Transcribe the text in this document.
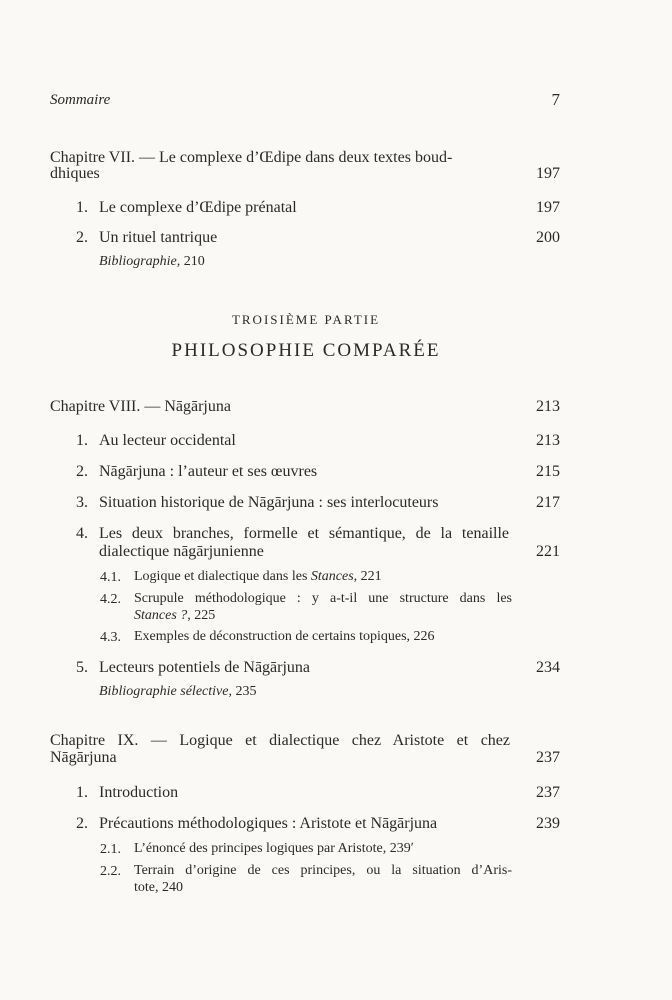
Sommaire	7
Chapitre VII. — Le complexe d’Œdipe dans deux textes boud-
dhiques	197
1. Le complexe d’Œdipe prénatal	197
2. Un rituel tantrique	200
Bibliographie, 210
TROISIÈME PARTIE
PHILOSOPHIE COMPARÉE
Chapitre VIII. — Nāgārjuna	213
1. Au lecteur occidental	213
2. Nāgārjuna : l’auteur et ses œuvres	215
3. Situation historique de Nāgārjuna : ses interlocuteurs	217
4. Les deux branches, formelle et sémantique, de la tenaille
dialectique nāgārjunienne	221
4.1. Logique et dialectique dans les Stances, 221
4.2. Scrupule méthodologique : y a-t-il une structure dans les
Stances ?, 225
4.3. Exemples de déconstruction de certains topiques, 226
5. Lecteurs potentiels de Nāgārjuna	234
Bibliographie sélective, 235
Chapitre IX. — Logique et dialectique chez Aristote et chez
Nāgārjuna	237
1. Introduction	237
2. Précautions méthodologiques : Aristote et Nāgārjuna	239
2.1. L’énoncé des principes logiques par Aristote, 239ʹ
2.2. Terrain d’origine de ces principes, ou la situation d’Aris-
tote, 240
